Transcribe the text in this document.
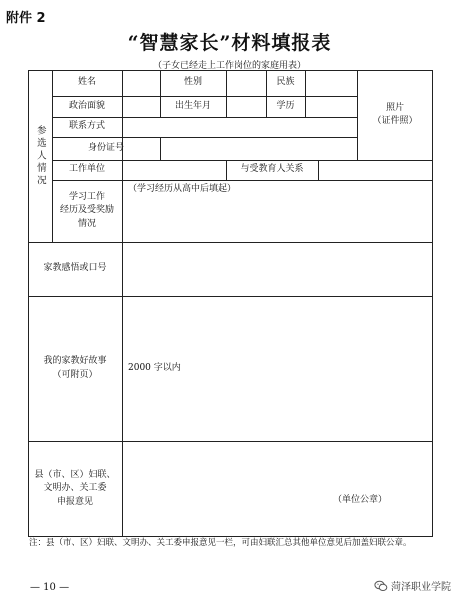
附件 2
“智慧家长”材料填报表
（子女已经走上工作岗位的家庭用表）
参选人情况
姓名	性别	民族
政治面貌	出生年月	学历
联系方式
身份证号
照片
（证件照）
工作单位	与受教育人关系
学习工作
经历及受奖励
情况
（学习经历从高中后填起）
家教感悟或口号
我的家教好故事
（可附页）
2000 字以内
县（市、区）妇联、
文明办、关工委
申报意见	（单位公章）
注：县（市、区）妇联、文明办、关工委申报意见一栏，可由妇联汇总其他单位意见后加盖妇联公章。
— 10 —	菏泽职业学院
